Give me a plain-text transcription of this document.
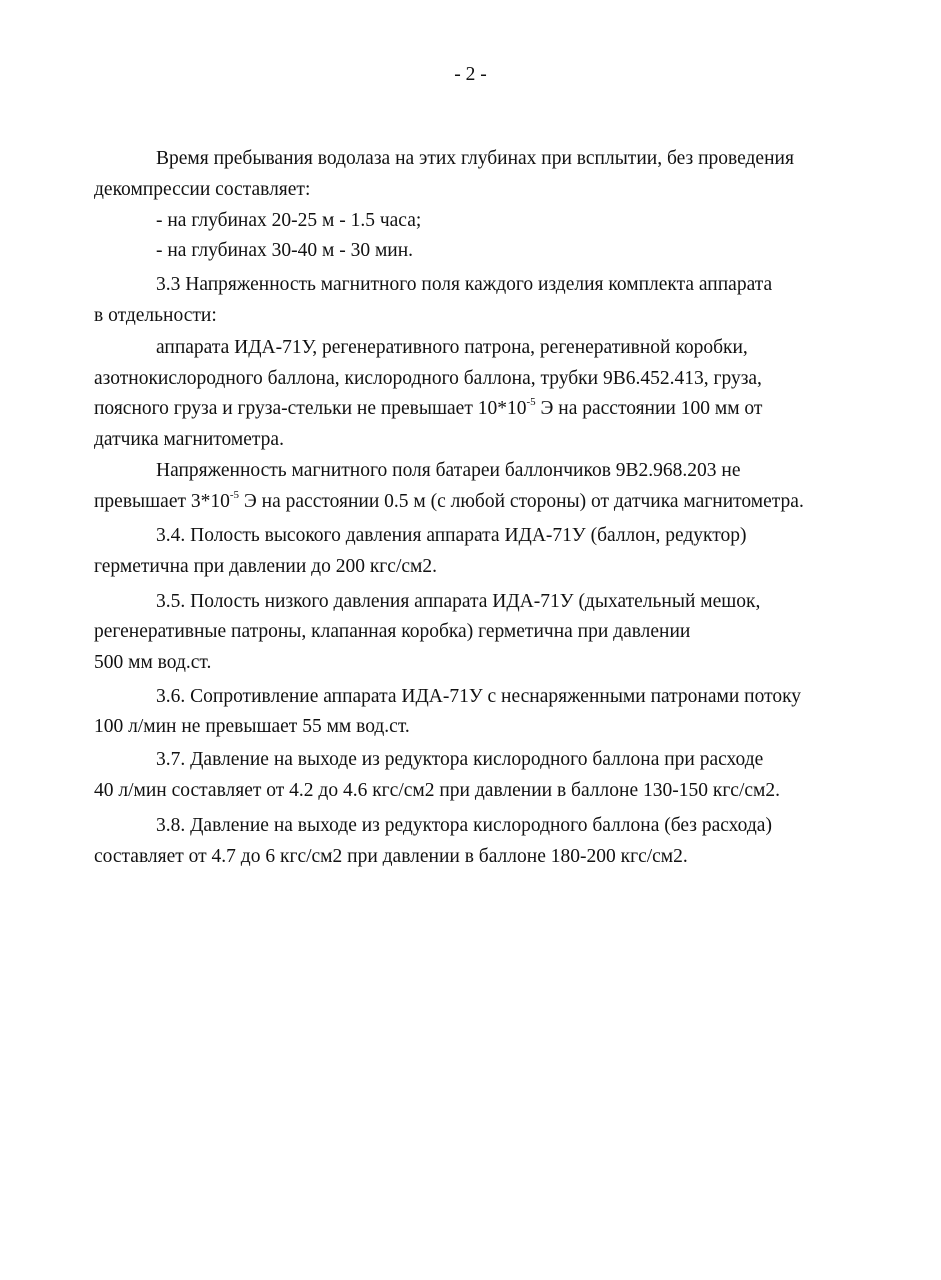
- 2 -
Время пребывания водолаза на этих глубинах при всплытии, без проведения
декомпрессии составляет:
- на глубинах 20-25 м - 1.5 часа;
- на глубинах 30-40 м - 30 мин.
3.3 Напряженность магнитного поля каждого изделия комплекта аппарата
в отдельности:
аппарата ИДА-71У, регенеративного патрона, регенеративной коробки,
азотнокислородного баллона, кислородного баллона, трубки 9В6.452.413, груза,
поясного груза и груза-стельки не превышает $10*10^{-5}$ Э на расстоянии 100 мм от
датчика магнитометра.
Напряженность магнитного поля батареи баллончиков 9В2.968.203 не
превышает $3*10^{-5}$ Э на расстоянии 0.5 м (с любой стороны) от датчика магнитометра.
3.4. Полость высокого давления аппарата ИДА-71У (баллон, редуктор)
герметична при давлении до 200 кгс/см2.
3.5. Полость низкого давления аппарата ИДА-71У (дыхательный мешок,
регенеративные патроны, клапанная коробка) герметична при давлении
500 мм вод.ст.
3.6. Сопротивление аппарата ИДА-71У с неснаряженными патронами потоку
100 л/мин не превышает 55 мм вод.ст.
3.7. Давление на выходе из редуктора кислородного баллона при расходе
40 л/мин составляет от 4.2 до 4.6 кгс/см2 при давлении в баллоне 130-150 кгс/см2.
3.8. Давление на выходе из редуктора кислородного баллона (без расхода)
составляет от 4.7 до 6 кгс/см2 при давлении в баллоне 180-200 кгс/см2.
